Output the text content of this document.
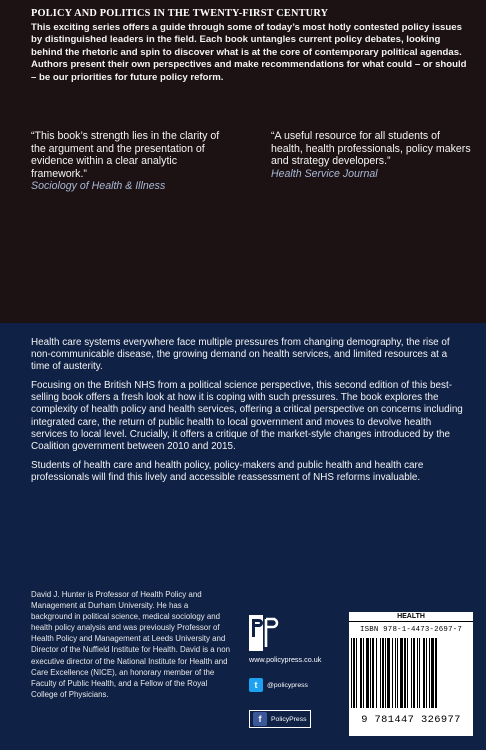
POLICY AND POLITICS IN THE TWENTY-FIRST CENTURY

This exciting series offers a guide through some of today’s most hotly contested policy issues by distinguished leaders in the field. Each book untangles current policy debates, looking behind the rhetoric and spin to discover what is at the core of contemporary political agendas. Authors present their own perspectives and make recommendations for what could – or should – be our priorities for future policy reform.

“This book’s strength lies in the clarity of the argument and the presentation of evidence within a clear analytic framework.”
Sociology of Health & Illness
“A useful resource for all students of health, health professionals, policy makers and strategy developers.”
Health Service Journal

Health care systems everywhere face multiple pressures from changing demography, the rise of non-communicable disease, the growing demand on health services, and limited resources at a time of austerity.

Focusing on the British NHS from a political science perspective, this second edition of this best-selling book offers a fresh look at how it is coping with such pressures. The book explores the complexity of health policy and health services, offering a critical perspective on concerns including integrated care, the return of public health to local government and moves to devolve health services to local level. Crucially, it offers a critique of the market-style changes introduced by the Coalition government between 2010 and 2015.

Students of health care and health policy, policy-makers and public health and health care professionals will find this lively and accessible reassessment of NHS reforms invaluable.

David J. Hunter is Professor of Health Policy and Management at Durham University. He has a background in political science, medical sociology and health policy analysis and was previously Professor of Health Policy and Management at Leeds University and Director of the Nuffield Institute for Health. David is a non executive director of the National Institute for Health and Care Excellence (NICE), an honorary member of the Faculty of Public Health, and a Fellow of the Royal College of Physicians.

www.policypress.co.uk
t	@policypress
f	PolicyPress
HEALTH
ISBN 978-1-4473-2697-7
9 781447 326977
